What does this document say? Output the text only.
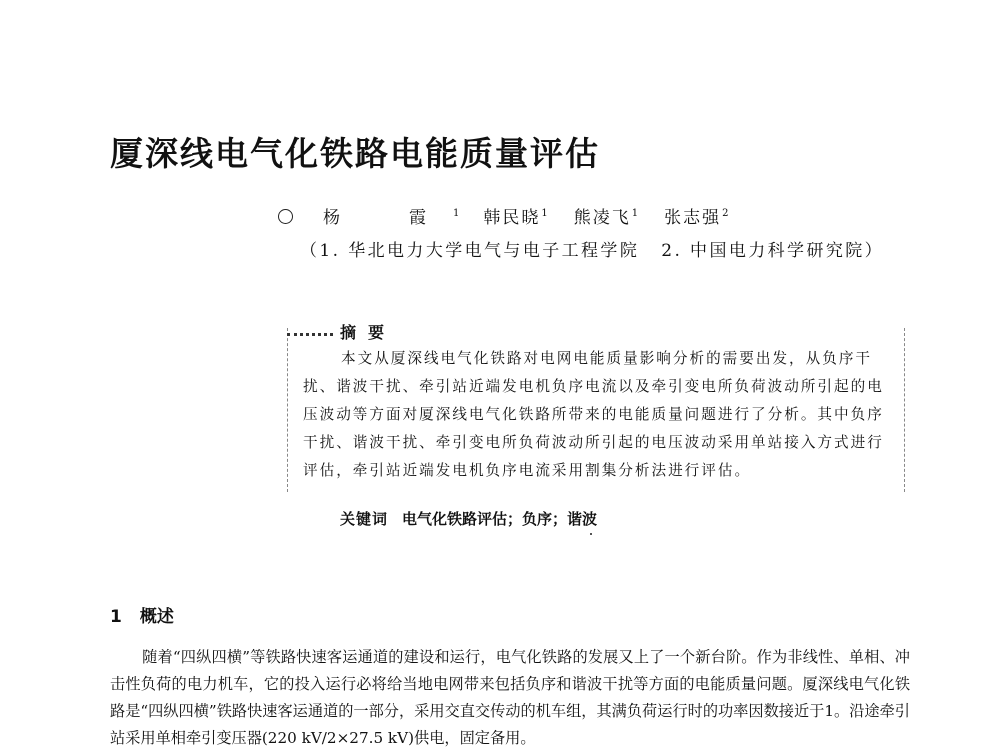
厦深线电气化铁路电能质量评估
杨　霞$^1$ 韩民晓$^1$ 熊凌飞$^1$ 张志强$^2$
（1. 华北电力大学电气与电子工程学院 2. 中国电力科学研究院）
摘要
本文从厦深线电气化铁路对电网电能质量影响分析的需要出发，从负序干扰、谐波干扰、牵引站近端发电机负序电流以及牵引变电所负荷波动所引起的电压波动等方面对厦深线电气化铁路所带来的电能质量问题进行了分析。其中负序干扰、谐波干扰、牵引变电所负荷波动所引起的电压波动采用单站接入方式进行评估，牵引站近端发电机负序电流采用割集分析法进行评估。
关键词 电气化铁路评估；负序；谐波
1 概述
随着“四纵四横”等铁路快速客运通道的建设和运行，电气化铁路的发展又上了一个新台阶。作为非线性、单相、冲击性负荷的电力机车，它的投入运行必将给当地电网带来包括负序和谐波干扰等方面的电能质量问题。厦深线电气化铁路是“四纵四横”铁路快速客运通道的一部分，采用交直交传动的机车组，其满负荷运行时的功率因数接近于1。沿途牵引站采用单相牵引变压器(220 kV/2×27.5 kV)供电，固定备用。
